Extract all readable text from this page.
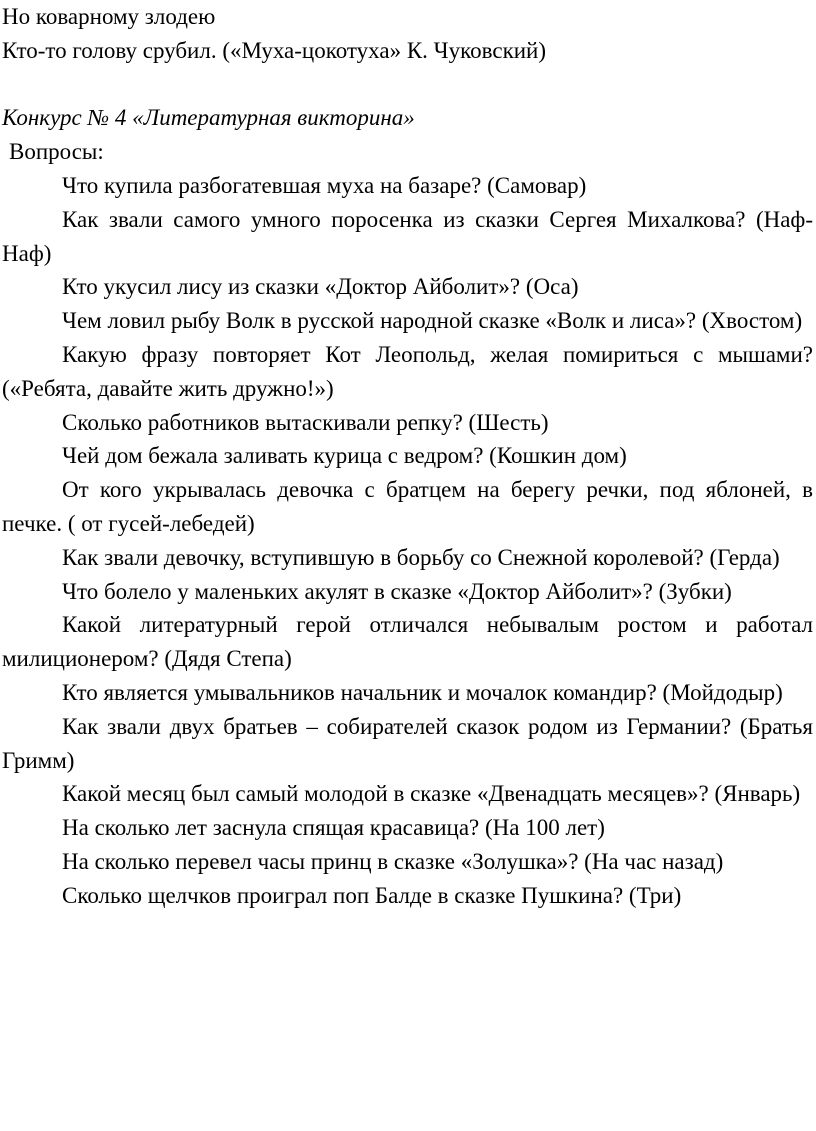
Но коварному злодею
Кто-то голову срубил. («Муха-цокотуха» К. Чуковский)
Конкурс № 4 «Литературная викторина»
Вопросы:

Что купила разбогатевшая муха на базаре? (Самовар)

Как звали самого умного поросенка из сказки Сергея Михалкова? (Наф-Наф)

Кто укусил лису из сказки «Доктор Айболит»? (Оса)

Чем ловил рыбу Волк в русской народной сказке «Волк и лиса»? (Хвостом)

Какую фразу повторяет Кот Леопольд, желая помириться с мышами? («Ребята, давайте жить дружно!»)

Сколько работников вытаскивали репку? (Шесть)

Чей дом бежала заливать курица с ведром? (Кошкин дом)

От кого укрывалась девочка с братцем на берегу речки, под яблоней, в печке. ( от гусей-лебедей)

Как звали девочку, вступившую в борьбу со Снежной королевой? (Герда)

Что болело у маленьких акулят в сказке «Доктор Айболит»? (Зубки)

Какой литературный герой отличался небывалым ростом и работал милиционером? (Дядя Степа)

Кто является умывальников начальник и мочалок командир? (Мойдодыр)

Как звали двух братьев – собирателей сказок родом из Германии? (Братья Гримм)

Какой месяц был самый молодой в сказке «Двенадцать месяцев»? (Январь)

На сколько лет заснула спящая красавица? (На 100 лет)

На сколько перевел часы принц в сказке «Золушка»? (На час назад)

Сколько щелчков проиграл поп Балде в сказке Пушкина? (Три)
